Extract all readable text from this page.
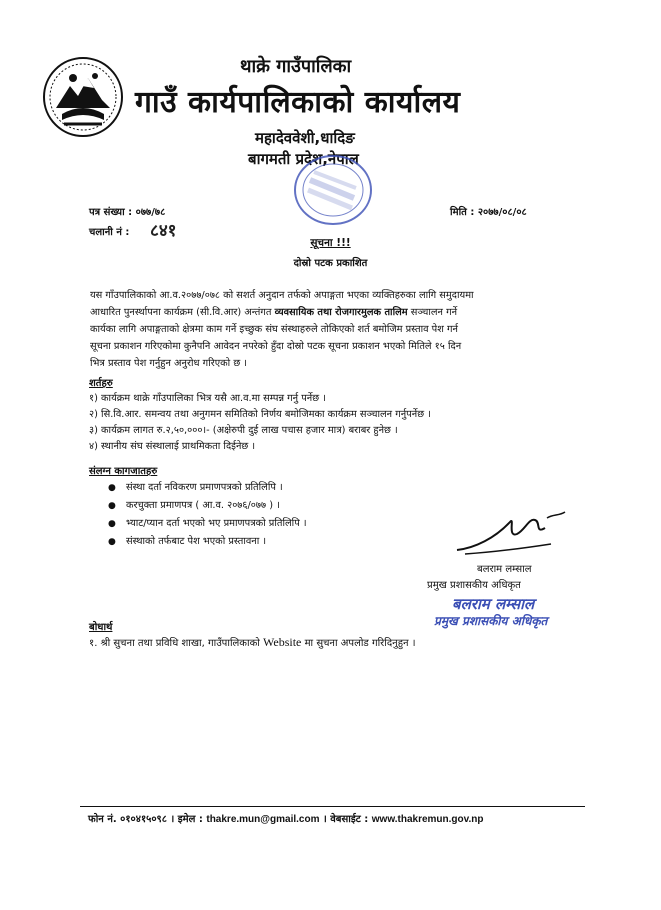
थाक्रे गाउँपालिका
गाउँ कार्यपालिकाको कार्यालय
महादेववेशी,धादिङ
बागमती प्रदेश,नेपाल
पत्र संख्या : ०७७/७८
चलानी नं : ८४१
मिति : २०७७/०८/०८
सूचना !!!
दोस्रो पटक प्रकाशित
यस गाँउपालिकाको आ.व.२०७७/०७८ को सशर्त अनुदान तर्फको अपाङ्गता भएका व्यक्तिहरुका लागि समुदायमा
आधारित पुनर्स्थापना कार्यक्रम (सी.वि.आर) अन्तंगत व्यवसायिक तथा रोजगारमुलक तालिम सञ्चालन गर्ने
कार्यका लागि अपाङ्गताको क्षेत्रमा काम गर्ने इच्छुक संघ संस्थाहरुले तोकिएको शर्त बमोजिम प्रस्ताव पेश गर्न
सूचना प्रकाशन गरिएकोमा कुनैपनि आवेदन नपरेको हुँदा दोस्रो पटक सूचना प्रकाशन भएको मितिले १५ दिन
भित्र प्रस्ताव पेश गर्नुहुन अनुरोध गरिएको छ ।
शर्तहरु
१) कार्यक्रम थाक्रे गाँउपालिका भित्र यसै आ.व.मा सम्पन्न गर्नु पर्नेछ ।
२) सि.वि.आर. समन्वय तथा अनुगमन समितिको निर्णय बमोजिमका कार्यक्रम सञ्चालन गर्नुपर्नेछ ।
३) कार्यक्रम लागत रु.२,५०,०००।- (अक्षेरुपी दुई लाख पचास हजार मात्र) बराबर हुनेछ ।
४) स्थानीय संघ संस्थालाई प्राथमिकता दिईनेछ ।
संलग्न कागजातहरु
● संस्था दर्ता नविकरण प्रमाणपत्रको प्रतिलिपि ।
● करचुक्ता प्रमाणपत्र ( आ.व. २०७६/०७७ ) ।
● भ्याट/प्यान दर्ता भएको भए प्रमाणपत्रको प्रतिलिपि ।
● संस्थाको तर्फबाट पेश भएको प्रस्तावना ।
बलराम लम्साल
प्रमुख प्रशासकीय अधिकृत
बलराम लम्साल
प्रमुख प्रशासकीय अधिकृत
बोधार्थ
१. श्री सुचना तथा प्रविधि शाखा, गाउँपालिकाको Website मा सुचना अपलोड गरिदिनुहुन ।
फोन नं. ०१०४१५०९८ । इमेल : thakre.mun@gmail.com । वेबसाईट : www.thakremun.gov.np
